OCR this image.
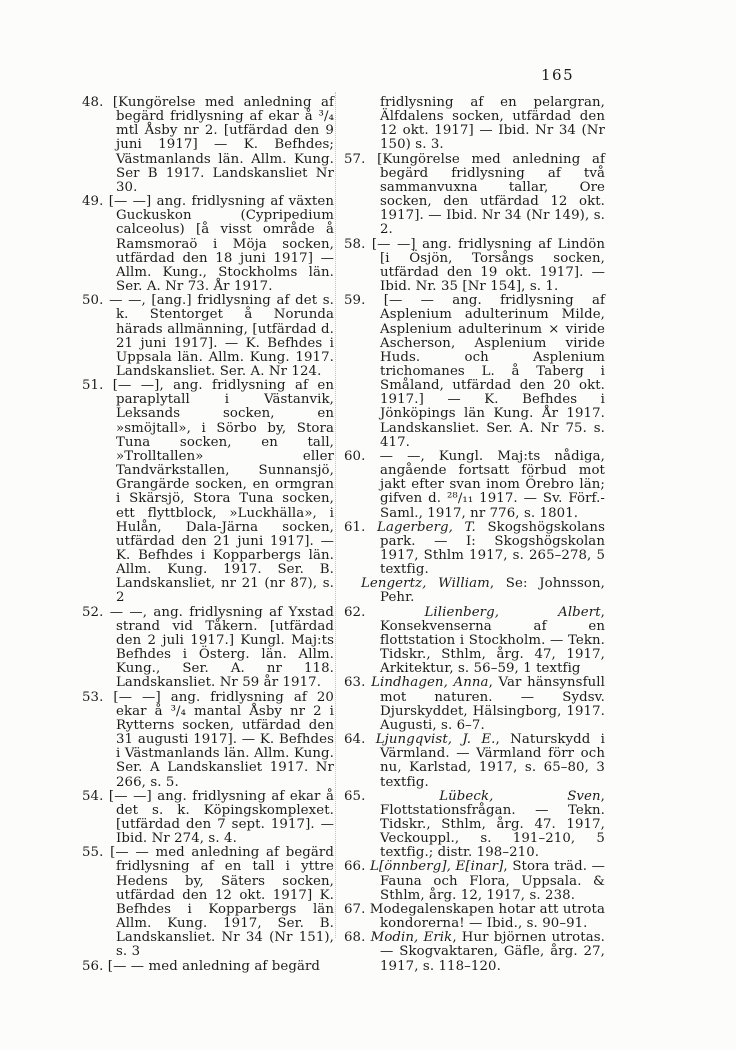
165

48. [Kungörelse med anledning af begärd fridlysning af ekar å ³/₄ mtl Åsby nr 2. [utfärdad den 9 juni 1917] — K. Befhdes; Västmanlands län. Allm. Kung. Ser B 1917. Landskansliet Nr 30.

49. [— —] ang. fridlysning af växten Guckuskon (Cypripedium calceolus) [å visst område å Ramsmoraö i Möja socken, utfärdad den 18 juni 1917] — Allm. Kung., Stockholms län. Ser. A. Nr 73. År 1917.

50. — —, [ang.] fridlysning af det s. k. Stentorget å Norunda härads allmänning, [utfärdad d. 21 juni 1917]. — K. Befhdes i Uppsala län. Allm. Kung. 1917. Landskansliet. Ser. A. Nr 124.

51. [— —], ang. fridlysning af en paraplytall i Västanvik, Leksands socken, en »smöjtall», i Sörbo by, Stora Tuna socken, en tall, »Trolltallen» eller Tandvärkstallen, Sunnansjö, Grangärde socken, en ormgran i Skärsjö, Stora Tuna socken, ett flyttblock, »Luckhälla», i Hulån, Dala-Järna socken, utfärdad den 21 juni 1917]. — K. Befhdes i Kopparbergs län. Allm. Kung. 1917. Ser. B. Landskansliet, nr 21 (nr 87), s. 2

52. — —, ang. fridlysning af Yxstad strand vid Tåkern. [utfärdad den 2 juli 1917.] Kungl. Maj:ts Befhdes i Österg. län. Allm. Kung., Ser. A. nr 118. Landskansliet. Nr 59 år 1917.

53. [— —] ang. fridlysning af 20 ekar å ³/₄ mantal Åsby nr 2 i Rytterns socken, utfärdad den 31 augusti 1917]. — K. Befhdes i Västmanlands län. Allm. Kung. Ser. A Landskansliet 1917. Nr 266, s. 5.

54. [— —] ang. fridlysning af ekar å det s. k. Köpingskomplexet. [utfärdad den 7 sept. 1917]. — Ibid. Nr 274, s. 4.

55. [— — med anledning af begärd fridlysning af en tall i yttre Hedens by, Säters socken, utfärdad den 12 okt. 1917] K. Befhdes i Kopparbergs län Allm. Kung. 1917, Ser. B. Landskansliet. Nr 34 (Nr 151), s. 3

56. [— — med anledning af begärd

fridlysning af en pelargran, Älfdalens socken, utfärdad den 12 okt. 1917] — Ibid. Nr 34 (Nr 150) s. 3.

57. [Kungörelse med anledning af begärd fridlysning af två sammanvuxna tallar, Ore socken, den utfärdad 12 okt. 1917]. — Ibid. Nr 34 (Nr 149), s. 2.

58. [— —] ang. fridlysning af Lindön [i Ösjön, Torsångs socken, utfärdad den 19 okt. 1917]. — Ibid. Nr. 35 [Nr 154], s. 1.

59. [— — ang. fridlysning af Asplenium adulterinum Milde, Asplenium adulterinum × viride Ascherson, Asplenium viride Huds. och Asplenium trichomanes L. å Taberg i Småland, utfärdad den 20 okt. 1917.] — K. Befhdes i Jönköpings län Kung. År 1917. Landskansliet. Ser. A. Nr 75. s. 417.

60. — —, Kungl. Maj:ts nådiga, angående fortsatt förbud mot jakt efter svan inom Örebro län; gifven d. ²⁸/₁₁ 1917. — Sv. Förf.-Saml., 1917, nr 776, s. 1801.

61. Lagerberg, T. Skogshögskolans park. — I: Skogshögskolan 1917, Sthlm 1917, s. 265–278, 5 textfig.

Lengertz, William, Se: Johnsson, Pehr.

62. Lilienberg, Albert, Konsekvenserna af en flottstation i Stockholm. — Tekn. Tidskr., Sthlm, årg. 47, 1917, Arkitektur, s. 56–59, 1 textfig

63. Lindhagen, Anna, Var hänsynsfull mot naturen. — Sydsv. Djurskyddet, Hälsingborg, 1917. Augusti, s. 6–7.

64. Ljungqvist, J. E., Naturskydd i Värmland. — Värmland förr och nu, Karlstad, 1917, s. 65–80, 3 textfig.

65. Lübeck, Sven, Flottstationsfrågan. — Tekn. Tidskr., Sthlm, årg. 47. 1917, Veckouppl., s. 191–210, 5 textfig.; distr. 198–210.

66. L[önnberg], E[inar], Stora träd. — Fauna och Flora, Uppsala. & Sthlm, årg. 12, 1917, s. 238.

67. Modegalenskapen hotar att utrota kondorerna! — Ibid., s. 90–91.

68. Modin, Erik, Hur björnen utrotas. — Skogvaktaren, Gäfle, årg. 27, 1917, s. 118–120.
